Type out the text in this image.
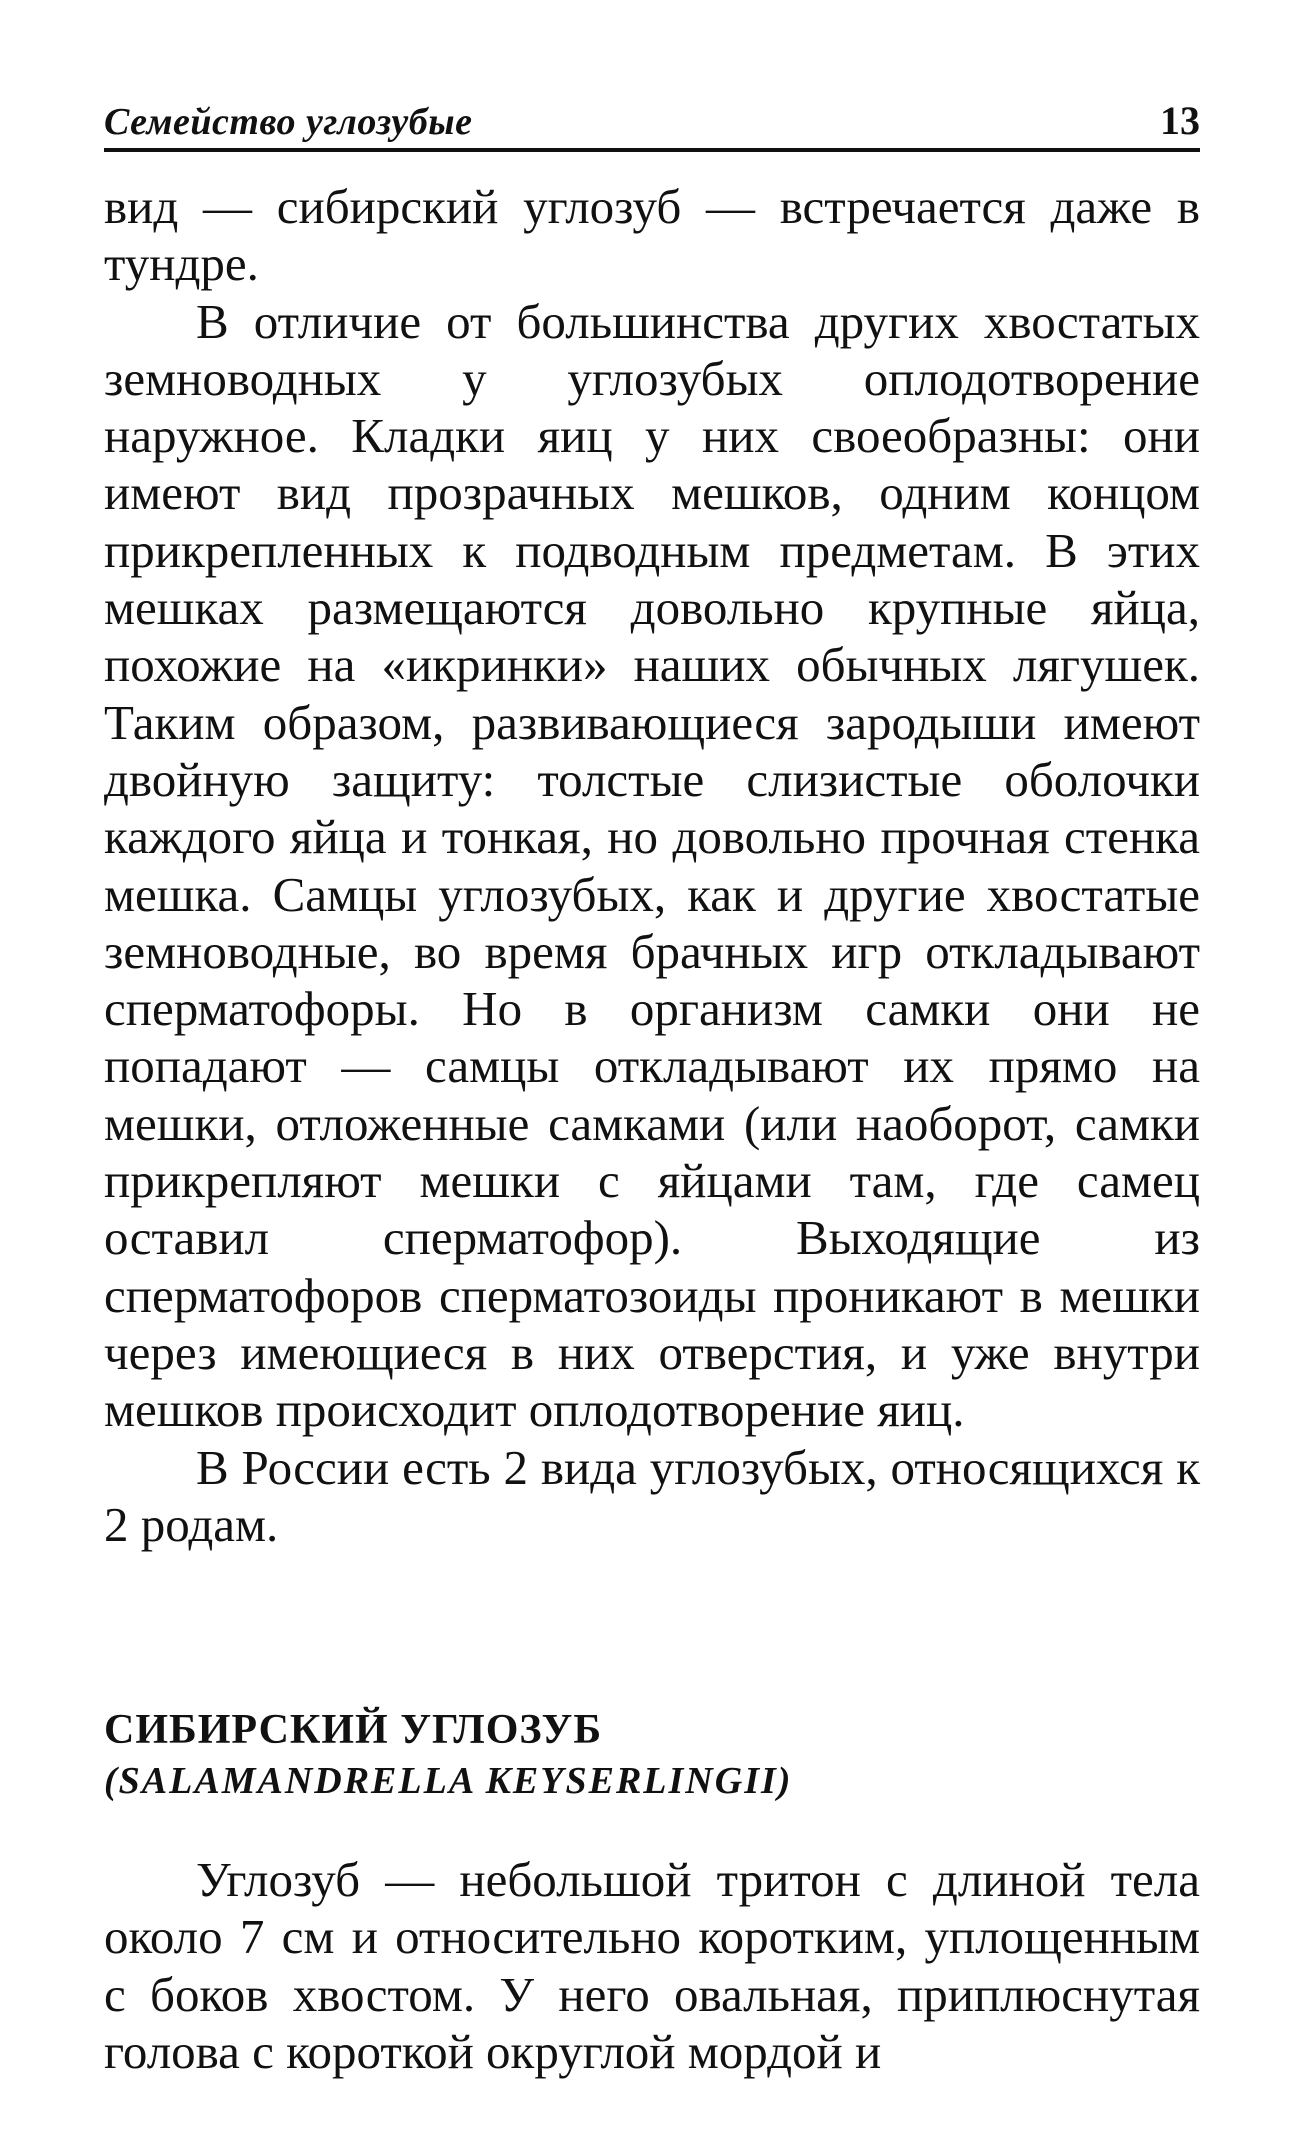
Семейство углозубые	13

вид — сибирский углозуб — встречается даже в тундре.

В отличие от большинства других хвостатых земноводных у углозубых оплодотворение наружное. Кладки яиц у них своеобразны: они имеют вид прозрачных мешков, одним концом прикрепленных к подводным предметам. В этих мешках размещаются довольно крупные яйца, похожие на «икринки» наших обычных лягушек. Таким образом, развивающиеся зародыши имеют двойную защиту: толстые слизистые оболочки каждого яйца и тонкая, но довольно прочная стенка мешка. Самцы углозубых, как и другие хвостатые земноводные, во время брачных игр откладывают сперматофоры. Но в организм самки они не попадают — самцы откладывают их прямо на мешки, отложенные самками (или наоборот, самки прикрепляют мешки с яйцами там, где самец оставил сперматофор). Выходящие из сперматофоров сперматозоиды проникают в мешки через имеющиеся в них отверстия, и уже внутри мешков происходит оплодотворение яиц.

В России есть 2 вида углозубых, относящихся к 2 родам.

СИБИРСКИЙ УГЛОЗУБ

(SALAMANDRELLA KEYSERLINGII)

Углозуб — небольшой тритон с длиной тела около 7 см и относительно коротким, уплощенным с боков хвостом. У него овальная, приплюснутая голова с короткой округлой мордой и
